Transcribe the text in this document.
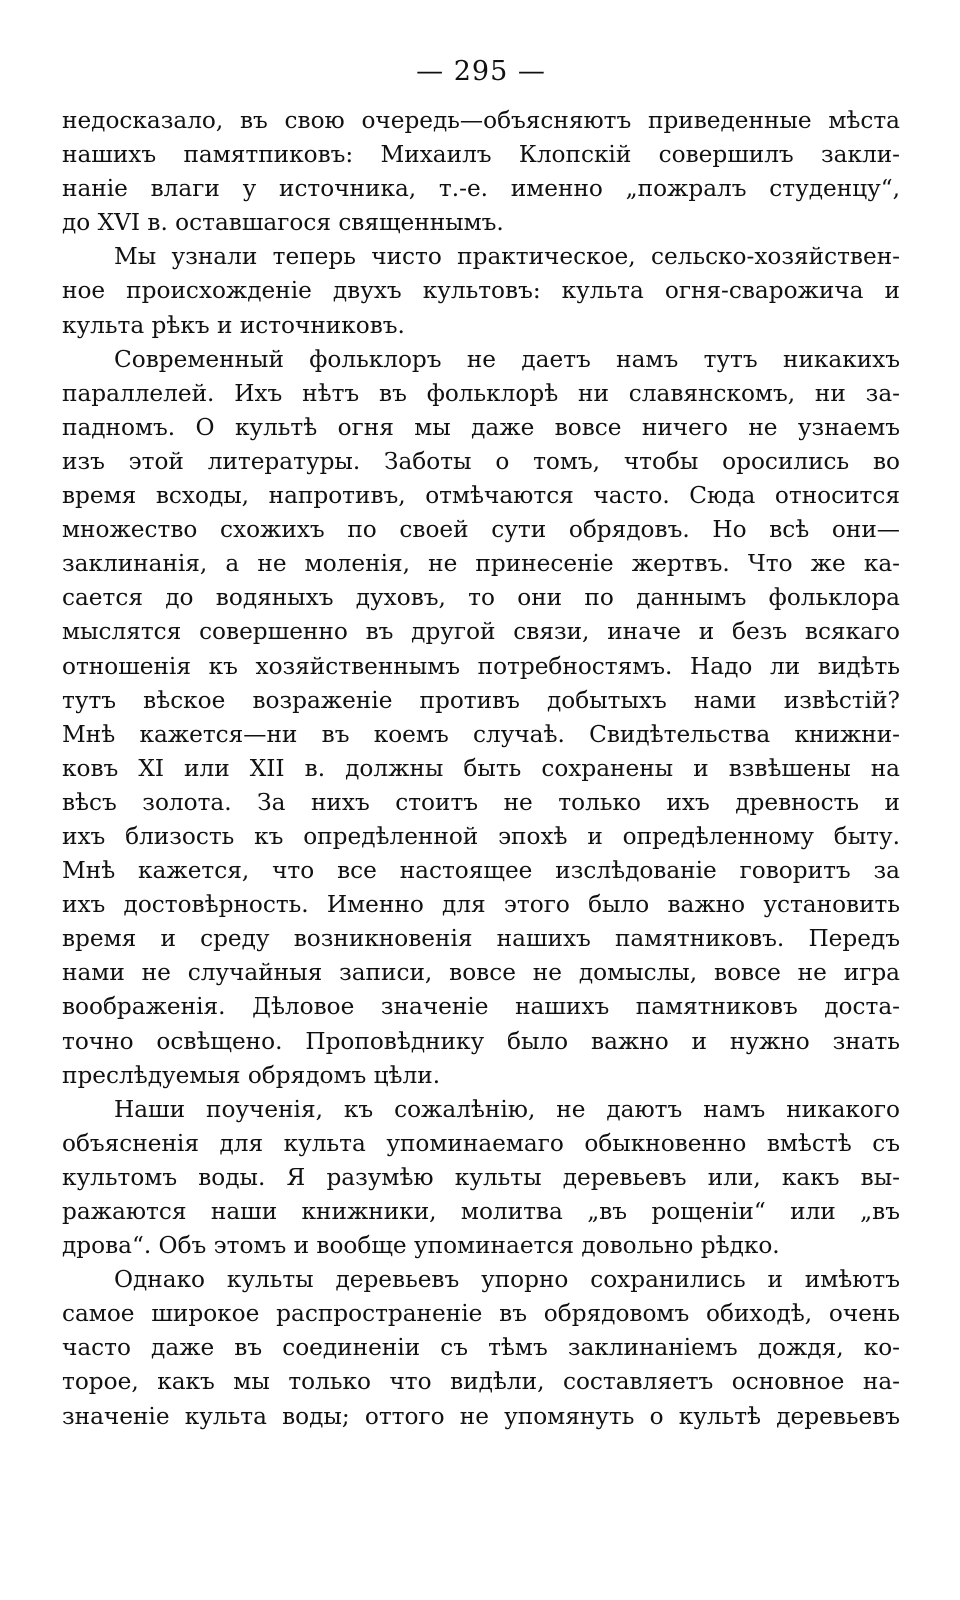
— 295 —
недосказало, въ свою очередь—объясняютъ приведенные мѣста
нашихъ памятпиковъ: Михаилъ Клопскій совершилъ закли-
наніе влаги у источника, т.-е. именно „пожралъ студенцу“,
до XVI в. оставшагося священнымъ.
Мы узнали теперь чисто практическое, сельско-хозяйствен-
ное происхожденіе двухъ культовъ: культа огня-сварожича и
культа рѣкъ и источниковъ.
Современный фольклоръ не даетъ намъ тутъ никакихъ
параллелей. Ихъ нѣтъ въ фольклорѣ ни славянскомъ, ни за-
падномъ. О культѣ огня мы даже вовсе ничего не узнаемъ
изъ этой литературы. Заботы о томъ, чтобы оросились во
время всходы, напротивъ, отмѣчаются часто. Сюда относится
множество схожихъ по своей сути обрядовъ. Но всѣ они—
заклинанія, а не моленія, не принесеніе жертвъ. Что же ка-
сается до водяныхъ духовъ, то они по даннымъ фольклора
мыслятся совершенно въ другой связи, иначе и безъ всякаго
отношенія къ хозяйственнымъ потребностямъ. Надо ли видѣть
тутъ вѣское возраженіе противъ добытыхъ нами извѣстій?
Мнѣ кажется—ни въ коемъ случаѣ. Свидѣтельства книжни-
ковъ XI или XII в. должны быть сохранены и взвѣшены на
вѣсъ золота. За нихъ стоитъ не только ихъ древность и
ихъ близость къ опредѣленной эпохѣ и опредѣленному быту.
Мнѣ кажется, что все настоящее изслѣдованіе говоритъ за
ихъ достовѣрность. Именно для этого было важно установить
время и среду возникновенія нашихъ памятниковъ. Передъ
нами не случайныя записи, вовсе не домыслы, вовсе не игра
воображенія. Дѣловое значеніе нашихъ памятниковъ доста-
точно освѣщено. Проповѣднику было важно и нужно знать
преслѣдуемыя обрядомъ цѣли.
Наши поученія, къ сожалѣнію, не даютъ намъ никакого
объясненія для культа упоминаемаго обыкновенно вмѣстѣ съ
культомъ воды. Я разумѣю культы деревьевъ или, какъ вы-
ражаются наши книжники, молитва „въ рощеніи“ или „въ
дрова“. Объ этомъ и вообще упоминается довольно рѣдко.
Однако культы деревьевъ упорно сохранились и имѣютъ
самое широкое распространеніе въ обрядовомъ обиходѣ, очень
часто даже въ соединеніи съ тѣмъ заклинаніемъ дождя, ко-
торое, какъ мы только что видѣли, составляетъ основное на-
значеніе культа воды; оттого не упомянуть о культѣ деревьевъ
